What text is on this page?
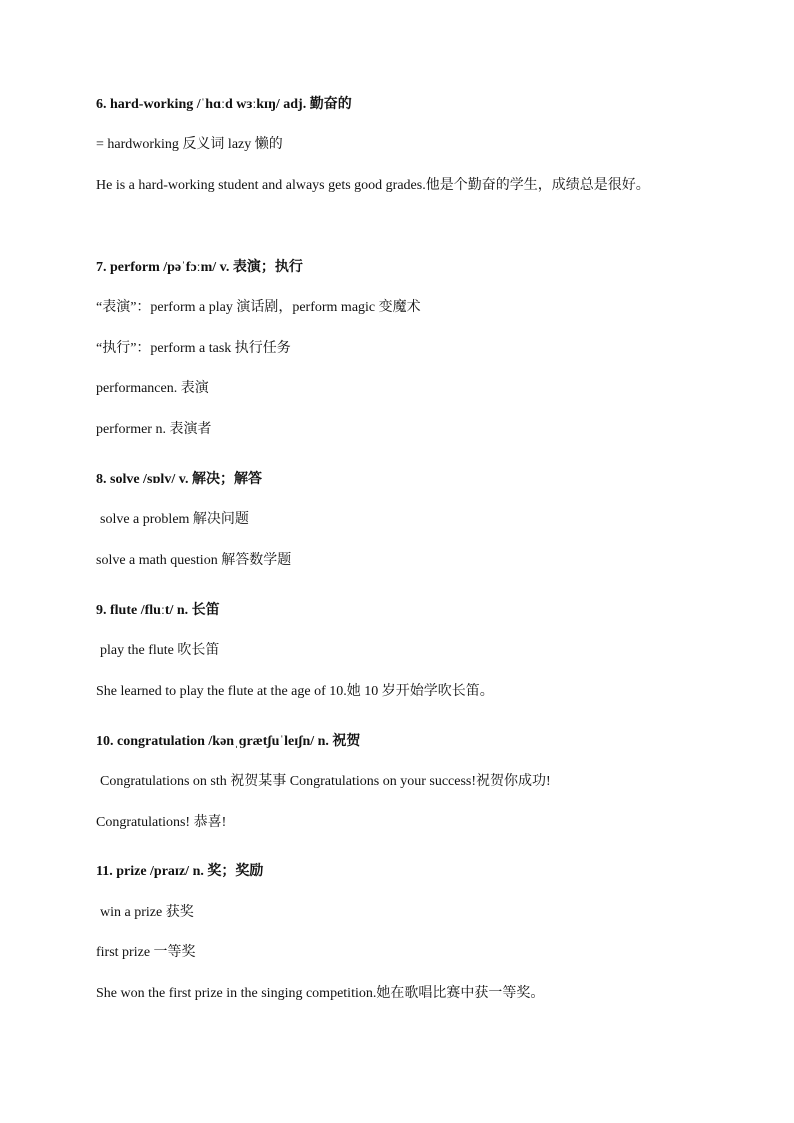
6. hard-working /ˈhɑːd wɜːkɪŋ/ adj. 勤奋的
= hardworking 反义词 lazy 懒的
He is a hard-working student and always gets good grades.他是个勤奋的学生，成绩总是很好。
7. perform /pəˈfɔːm/ v. 表演；执行
“表演”：perform a play 演话剧，perform magic 变魔术
“执行”：perform a task 执行任务
performancen. 表演
performer n. 表演者
8. solve /sɒlv/ v. 解决；解答
solve a problem 解决问题
solve a math question 解答数学题
9. flute /fluːt/ n. 长笛
play the flute 吹长笛
She learned to play the flute at the age of 10.她 10 岁开始学吹长笛。
10. congratulation /kənˌɡrætʃuˈleɪʃn/ n. 祝贺
Congratulations on sth 祝贺某事 Congratulations on your success!祝贺你成功!
Congratulations! 恭喜!
11. prize /praɪz/ n. 奖；奖励
win a prize 获奖
first prize 一等奖
She won the first prize in the singing competition.她在歌唱比赛中获一等奖。
